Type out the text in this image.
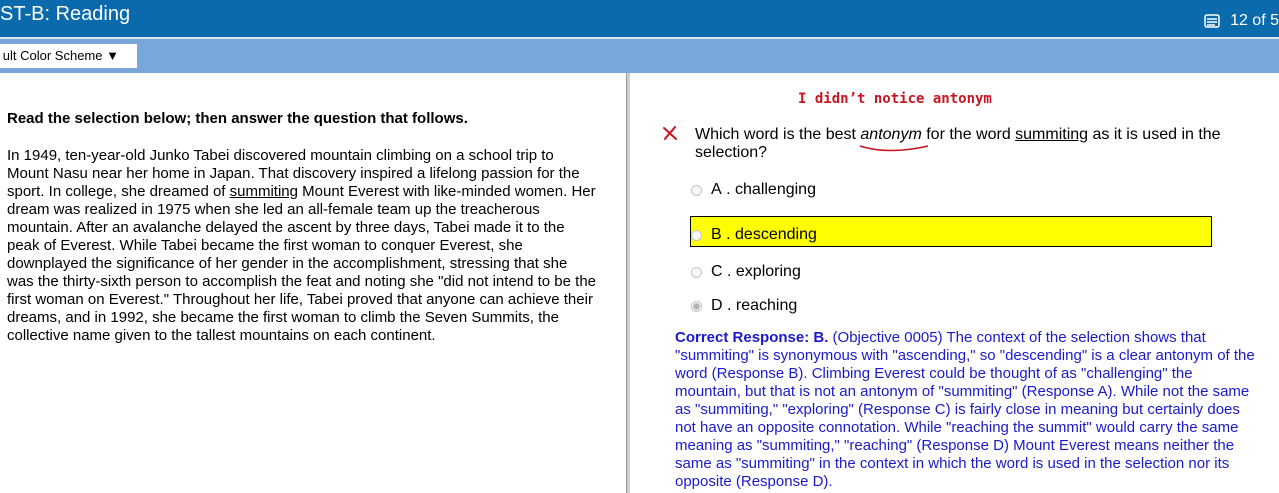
ST-B: Reading	12 of 5
ult Color Scheme ▼
Read the selection below; then answer the question that follows.
In 1949, ten-year-old Junko Tabei discovered mountain climbing on a school trip to Mount Nasu near her home in Japan. That discovery inspired a lifelong passion for the sport. In college, she dreamed of summiting Mount Everest with like-minded women. Her dream was realized in 1975 when she led an all-female team up the treacherous mountain. After an avalanche delayed the ascent by three days, Tabei made it to the peak of Everest. While Tabei became the first woman to conquer Everest, she downplayed the significance of her gender in the accomplishment, stressing that she was the thirty-sixth person to accomplish the feat and noting she "did not intend to be the first woman on Everest." Throughout her life, Tabei proved that anyone can achieve their dreams, and in 1992, she became the first woman to climb the Seven Summits, the collective name given to the tallest mountains on each continent.
I didn’t notice antonym
Which word is the best antonym for the word summiting as it is used in the selection?
A . challenging
B . descending
C . exploring
D . reaching
Correct Response: B. (Objective 0005) The context of the selection shows that "summiting" is synonymous with "ascending," so "descending" is a clear antonym of the word (Response B). Climbing Everest could be thought of as "challenging" the mountain, but that is not an antonym of "summiting" (Response A). While not the same as "summiting," "exploring" (Response C) is fairly close in meaning but certainly does not have an opposite connotation. While "reaching the summit" would carry the same meaning as "summiting," "reaching" (Response D) Mount Everest means neither the same as "summiting" in the context in which the word is used in the selection nor its opposite (Response D).
